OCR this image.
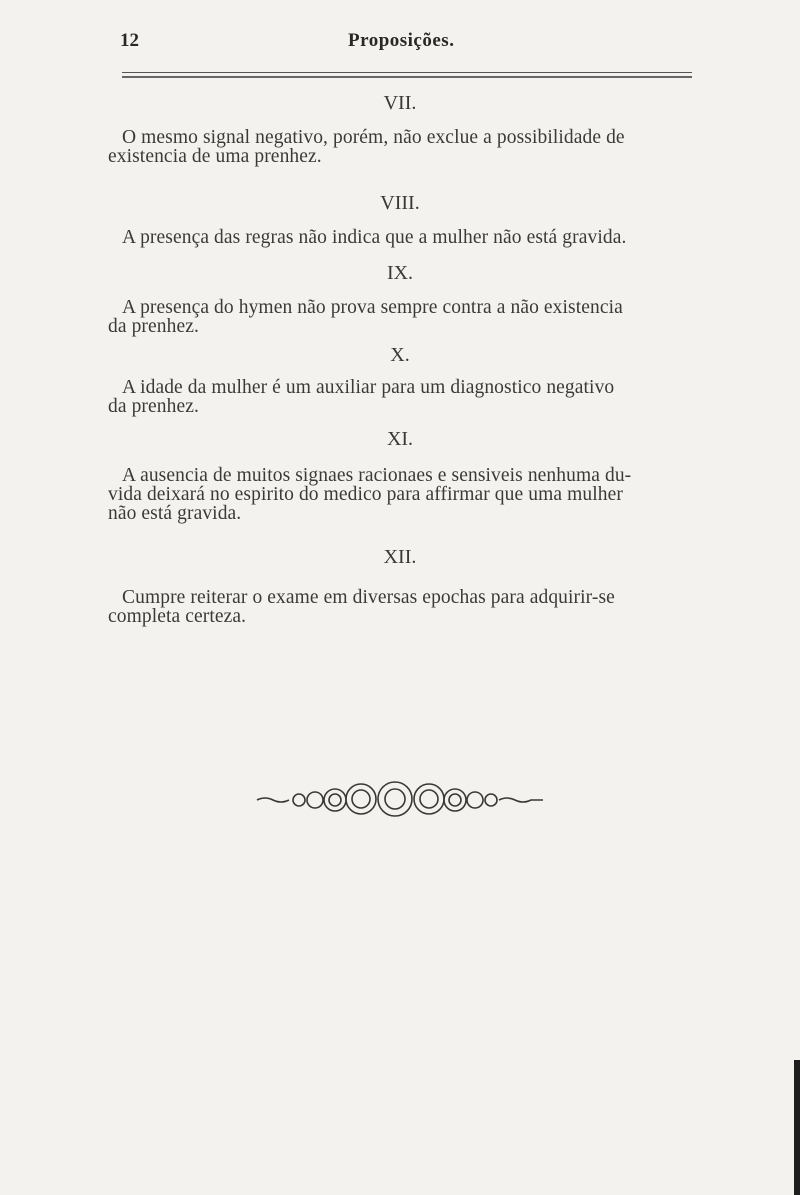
12	Proposições.
VII.
O mesmo signal negativo, porém, não exclue a possibilidade de
existencia de uma prenhez.
VIII.
A presença das regras não indica que a mulher não está gravida.
IX.
A presença do hymen não prova sempre contra a não existencia
da prenhez.
X.
A idade da mulher é um auxiliar para um diagnostico negativo
da prenhez.
XI.
A ausencia de muitos signaes racionaes e sensiveis nenhuma du-
vida deixará no espirito do medico para affirmar que uma mulher
não está gravida.
XII.
Cumpre reiterar o exame em diversas epochas para adquirir-se
completa certeza.
